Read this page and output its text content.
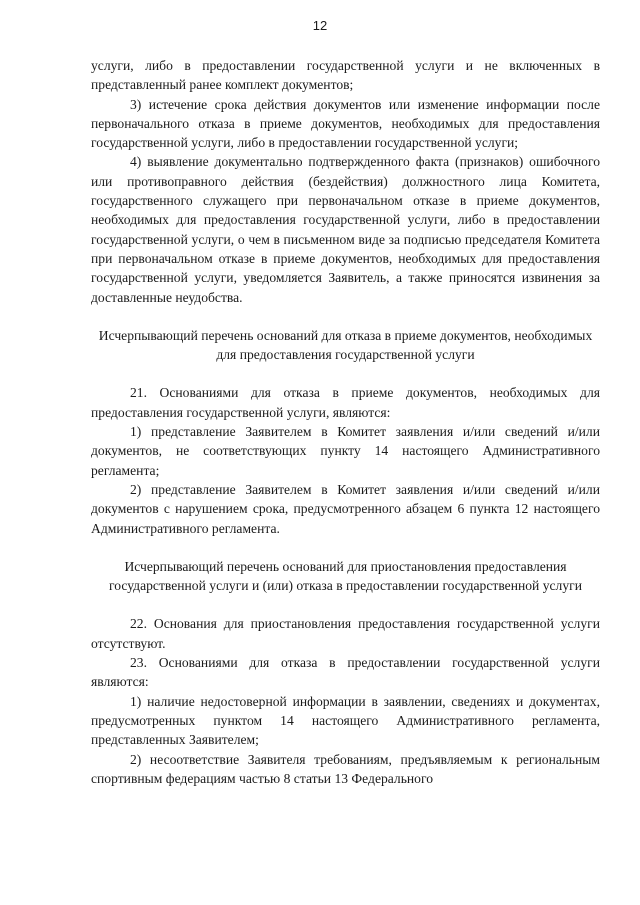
12

услуги, либо в предоставлении государственной услуги и не включенных в представленный ранее комплект документов;

3) истечение срока действия документов или изменение информации после первоначального отказа в приеме документов, необходимых для предоставления государственной услуги, либо в предоставлении государственной услуги;

4) выявление документально подтвержденного факта (признаков) ошибочного или противоправного действия (бездействия) должностного лица Комитета, государственного служащего при первоначальном отказе в приеме документов, необходимых для предоставления государственной услуги, либо в предоставлении государственной услуги, о чем в письменном виде за подписью председателя Комитета при первоначальном отказе в приеме документов, необходимых для предоставления государственной услуги, уведомляется Заявитель, а также приносятся извинения за доставленные неудобства.

Исчерпывающий перечень оснований для отказа в приеме документов, необходимых для предоставления государственной услуги

21. Основаниями для отказа в приеме документов, необходимых для предоставления государственной услуги, являются:

1) представление Заявителем в Комитет заявления и/или сведений и/или документов, не соответствующих пункту 14 настоящего Административного регламента;

2) представление Заявителем в Комитет заявления и/или сведений и/или документов с нарушением срока, предусмотренного абзацем 6 пункта 12 настоящего Административного регламента.

Исчерпывающий перечень оснований для приостановления предоставления государственной услуги и (или) отказа в предоставлении государственной услуги

22. Основания для приостановления предоставления государственной услуги отсутствуют.

23. Основаниями для отказа в предоставлении государственной услуги являются:

1) наличие недостоверной информации в заявлении, сведениях и документах, предусмотренных пунктом 14 настоящего Административного регламента, представленных Заявителем;

2) несоответствие Заявителя требованиям, предъявляемым к региональным спортивным федерациям частью 8 статьи 13 Федерального
